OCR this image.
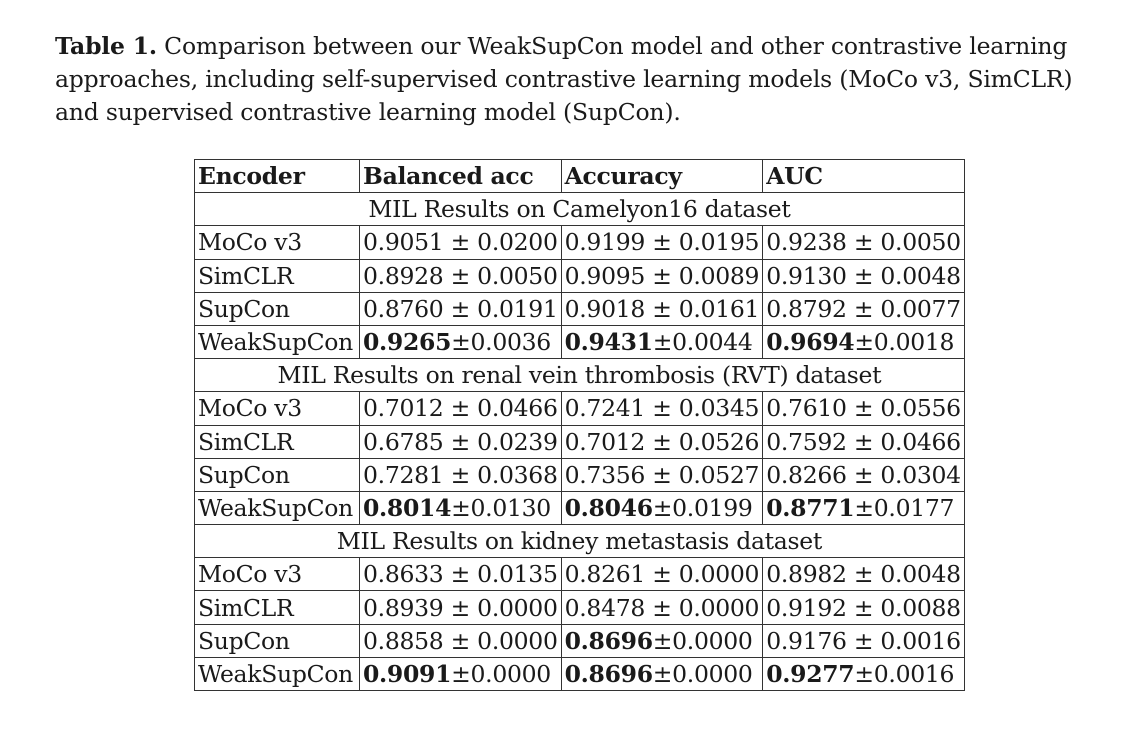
Table 1. Comparison between our WeakSupCon model and other contrastive learning approaches, including self-supervised contrastive learning models (MoCo v3, SimCLR) and supervised contrastive learning model (SupCon).
Encoder	Balanced acc	Accuracy	AUC
MIL Results on Camelyon16 dataset			
MoCo v3	0.9051 ± 0.0200	0.9199 ± 0.0195	0.9238 ± 0.0050
SimCLR	0.8928 ± 0.0050	0.9095 ± 0.0089	0.9130 ± 0.0048
SupCon	0.8760 ± 0.0191	0.9018 ± 0.0161	0.8792 ± 0.0077
WeakSupCon	0.9265±0.0036	0.9431±0.0044	0.9694±0.0018
MIL Results on renal vein thrombosis (RVT) dataset			
MoCo v3	0.7012 ± 0.0466	0.7241 ± 0.0345	0.7610 ± 0.0556
SimCLR	0.6785 ± 0.0239	0.7012 ± 0.0526	0.7592 ± 0.0466
SupCon	0.7281 ± 0.0368	0.7356 ± 0.0527	0.8266 ± 0.0304
WeakSupCon	0.8014±0.0130	0.8046±0.0199	0.8771±0.0177
MIL Results on kidney metastasis dataset			
MoCo v3	0.8633 ± 0.0135	0.8261 ± 0.0000	0.8982 ± 0.0048
SimCLR	0.8939 ± 0.0000	0.8478 ± 0.0000	0.9192 ± 0.0088
SupCon	0.8858 ± 0.0000	0.8696±0.0000	0.9176 ± 0.0016
WeakSupCon	0.9091±0.0000	0.8696±0.0000	0.9277±0.0016
